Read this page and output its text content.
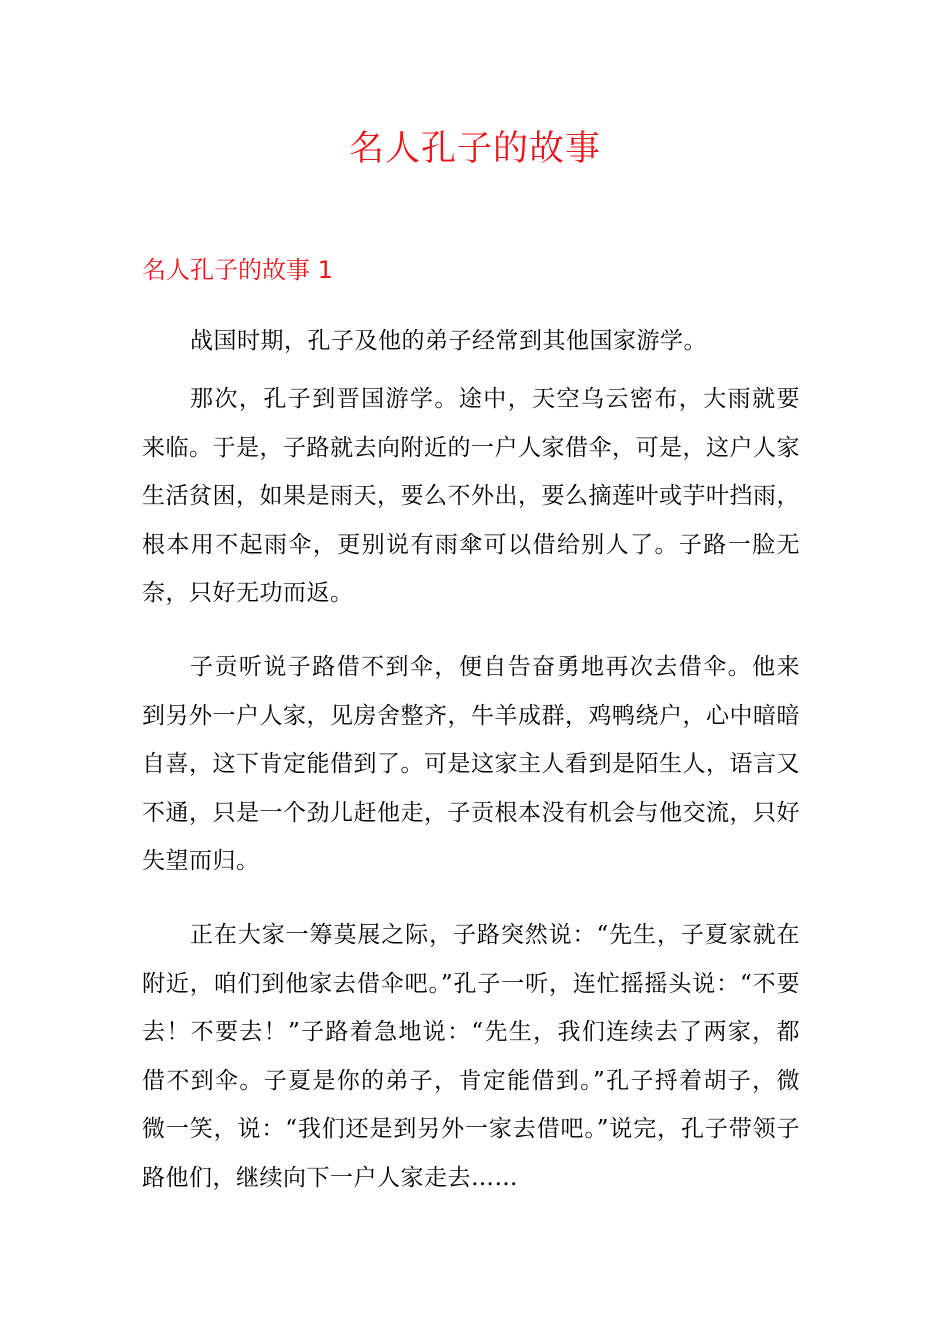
名人孔子的故事
名人孔子的故事 1

战国时期，孔子及他的弟子经常到其他国家游学。

那次，孔子到晋国游学。途中，天空乌云密布，大雨就要来临。于是，子路就去向附近的一户人家借伞，可是，这户人家生活贫困，如果是雨天，要么不外出，要么摘莲叶或芋叶挡雨，根本用不起雨伞，更别说有雨傘可以借给别人了。子路一脸无奈，只好无功而返。

子贡听说子路借不到伞，便自告奋勇地再次去借伞。他来到另外一户人家，见房舍整齐，牛羊成群，鸡鸭绕户，心中暗暗自喜，这下肯定能借到了。可是这家主人看到是陌生人，语言又不通，只是一个劲儿赶他走，子贡根本没有机会与他交流，只好失望而归。

正在大家一筹莫展之际，子路突然说：“先生，子夏家就在附近，咱们到他家去借伞吧。”孔子一听，连忙摇摇头说：“不要去！不要去！”子路着急地说：“先生，我们连续去了两家，都借不到伞。子夏是你的弟子，肯定能借到。”孔子捋着胡子，微微一笑，说：“我们还是到另外一家去借吧。”说完，孔子带领子路他们，继续向下一户人家走去……
